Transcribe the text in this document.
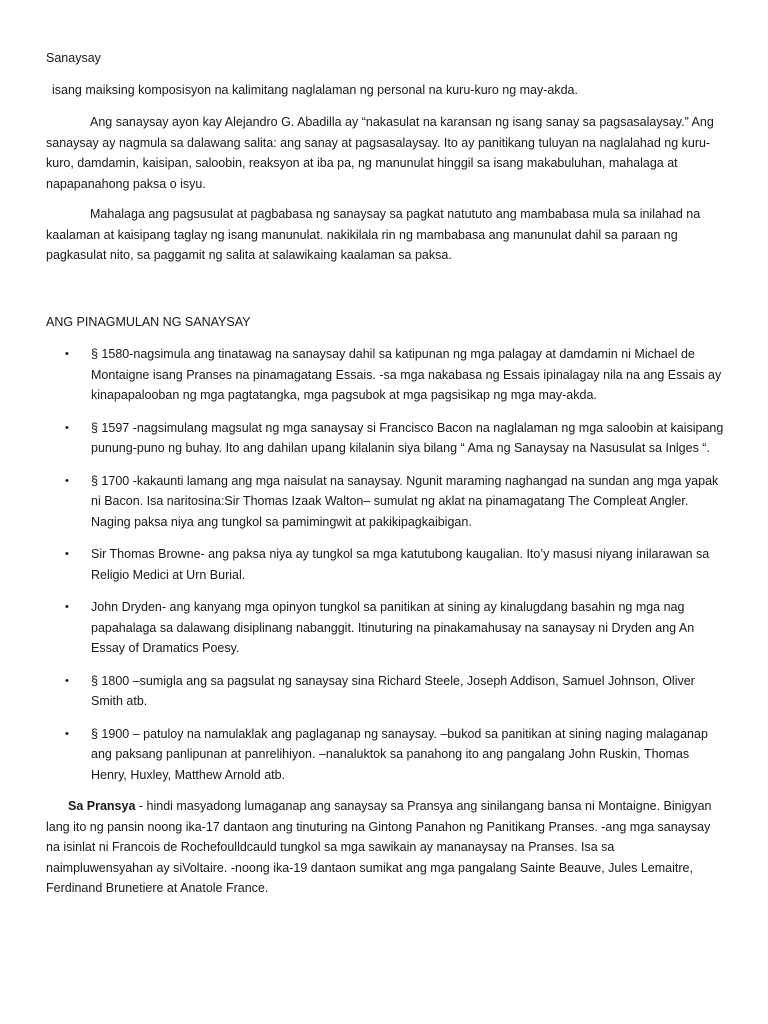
Sanaysay

isang maiksing komposisyon na kalimitang naglalaman ng personal na kuru-kuro ng may-akda.

Ang sanaysay ayon kay Alejandro G. Abadilla ay “nakasulat na karansan ng isang sanay sa pagsasalaysay.” Ang sanaysay ay nagmula sa dalawang salita: ang sanay at pagsasalaysay. Ito ay panitikang tuluyan na naglalahad ng kuru-kuro, damdamin, kaisipan, saloobin, reaksyon at iba pa, ng manunulat hinggil sa isang makabuluhan, mahalaga at napapanahong paksa o isyu.

Mahalaga ang pagsusulat at pagbabasa ng sanaysay sa pagkat natututo ang mambabasa mula sa inilahad na kaalaman at kaisipang taglay ng isang manunulat. nakikilala rin ng mambabasa ang manunulat dahil sa paraan ng pagkasulat nito, sa paggamit ng salita at salawikaing kaalaman sa paksa.

ANG PINAGMULAN NG SANAYSAY

• § 1580-nagsimula ang tinatawag na sanaysay dahil sa katipunan ng mga palagay at damdamin ni Michael de Montaigne isang Pranses na pinamagatang Essais. -sa mga nakabasa ng Essais ipinalagay nila na ang Essais ay kinapapalooban ng mga pagtatangka, mga pagsubok at mga pagsisikap ng mga may-akda.
• § 1597 -nagsimulang magsulat ng mga sanaysay si Francisco Bacon na naglalaman ng mga saloobin at kaisipang punung-puno ng buhay. Ito ang dahilan upang kilalanin siya bilang “ Ama ng Sanaysay na Nasusulat sa Inlges “.
• § 1700 -kakaunti lamang ang mga naisulat na sanaysay. Ngunit maraming naghangad na sundan ang mga yapak ni Bacon. Isa naritosina:Sir Thomas Izaak Walton– sumulat ng aklat na pinamagatang The Compleat Angler. Naging paksa niya ang tungkol sa pamimingwit at pakikipagkaibigan.
• Sir Thomas Browne- ang paksa niya ay tungkol sa mga katutubong kaugalian. Ito’y masusi niyang inilarawan sa Religio Medici at Urn Burial.
• John Dryden- ang kanyang mga opinyon tungkol sa panitikan at sining ay kinalugdang basahin ng mga nag papahalaga sa dalawang disiplinang nabanggit. Itinuturing na pinakamahusay na sanaysay ni Dryden ang An Essay of Dramatics Poesy.
• § 1800 –sumigla ang sa pagsulat ng sanaysay sina Richard Steele, Joseph Addison, Samuel Johnson, Oliver Smith atb.
• § 1900 – patuloy na namulaklak ang paglaganap ng sanaysay. –bukod sa panitikan at sining naging malaganap ang paksang panlipunan at panrelihiyon. –nanaluktok sa panahong ito ang pangalang John Ruskin, Thomas Henry, Huxley, Matthew Arnold atb.

Sa Pransya - hindi masyadong lumaganap ang sanaysay sa Pransya ang sinilangang bansa ni Montaigne. Binigyan lang ito ng pansin noong ika-17 dantaon ang tinuturing na Gintong Panahon ng Panitikang Pranses. -ang mga sanaysay na isinlat ni Francois de Rochefoulldcauld tungkol sa mga sawikain ay mananaysay na Pranses. Isa sa naimpluwensyahan ay siVoltaire. -noong ika-19 dantaon sumikat ang mga pangalang Sainte Beauve, Jules Lemaitre, Ferdinand Brunetiere at Anatole France.
